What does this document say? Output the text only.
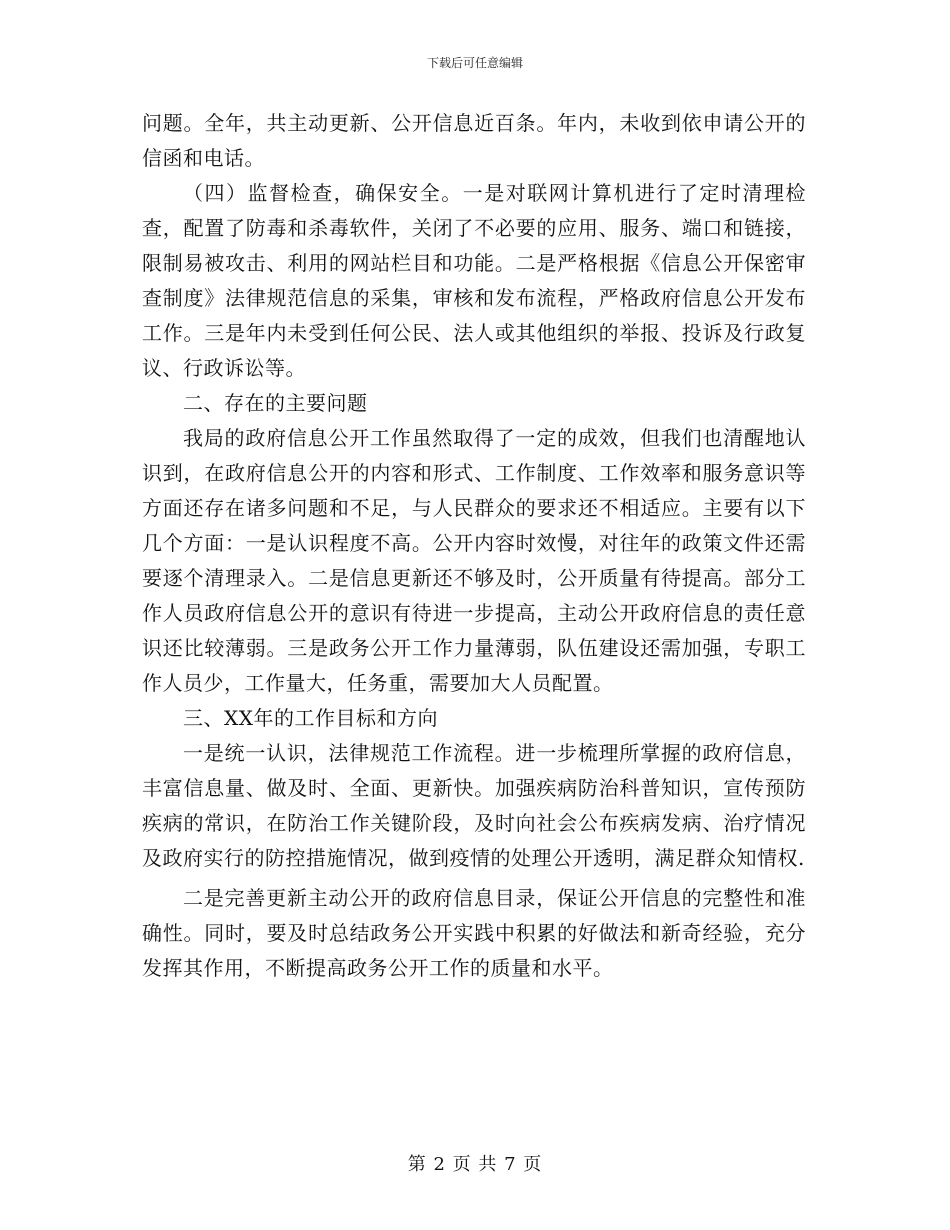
下载后可任意编辑

问题。全年，共主动更新、公开信息近百条。年内，未收到依申请公开的信函和电话。

（四）监督检查，确保安全。一是对联网计算机进行了定时清理检查，配置了防毒和杀毒软件，关闭了不必要的应用、服务、端口和链接，限制易被攻击、利用的网站栏目和功能。二是严格根据《信息公开保密审查制度》法律规范信息的采集，审核和发布流程，严格政府信息公开发布工作。三是年内未受到任何公民、法人或其他组织的举报、投诉及行政复议、行政诉讼等。

二、存在的主要问题

我局的政府信息公开工作虽然取得了一定的成效，但我们也清醒地认识到，在政府信息公开的内容和形式、工作制度、工作效率和服务意识等方面还存在诸多问题和不足，与人民群众的要求还不相适应。主要有以下几个方面：一是认识程度不高。公开内容时效慢，对往年的政策文件还需要逐个清理录入。二是信息更新还不够及时，公开质量有待提高。部分工作人员政府信息公开的意识有待进一步提高，主动公开政府信息的责任意识还比较薄弱。三是政务公开工作力量薄弱，队伍建设还需加强，专职工作人员少，工作量大，任务重，需要加大人员配置。

三、XX年的工作目标和方向

一是统一认识，法律规范工作流程。进一步梳理所掌握的政府信息，丰富信息量、做及时、全面、更新快。加强疾病防治科普知识，宣传预防疾病的常识，在防治工作关键阶段，及时向社会公布疾病发病、治疗情况及政府实行的防控措施情况，做到疫情的处理公开透明，满足群众知情权.

二是完善更新主动公开的政府信息目录，保证公开信息的完整性和准确性。同时，要及时总结政务公开实践中积累的好做法和新奇经验，充分发挥其作用，不断提高政务公开工作的质量和水平。

第 2 页 共 7 页
